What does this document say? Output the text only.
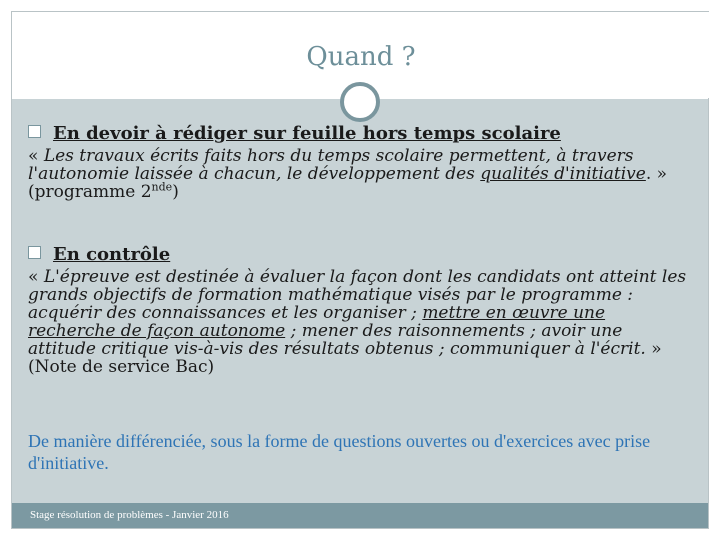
Quand ?
Stage résolution de problèmes - Janvier 2016
En devoir à rédiger sur feuille hors temps scolaire
« Les travaux écrits faits hors du temps scolaire permettent, à travers l'autonomie laissée à chacun, le développement des qualités d'initiative. » (programme 2nde)
En contrôle
« L'épreuve est destinée à évaluer la façon dont les candidats ont atteint les grands objectifs de formation mathématique visés par le programme : acquérir des connaissances et les organiser ; mettre en œuvre une recherche de façon autonome ; mener des raisonnements ; avoir une attitude critique vis-à-vis des résultats obtenus ; communiquer à l'écrit. » (Note de service Bac)
De manière différenciée, sous la forme de questions ouvertes ou d'exercices avec prise d'initiative.
